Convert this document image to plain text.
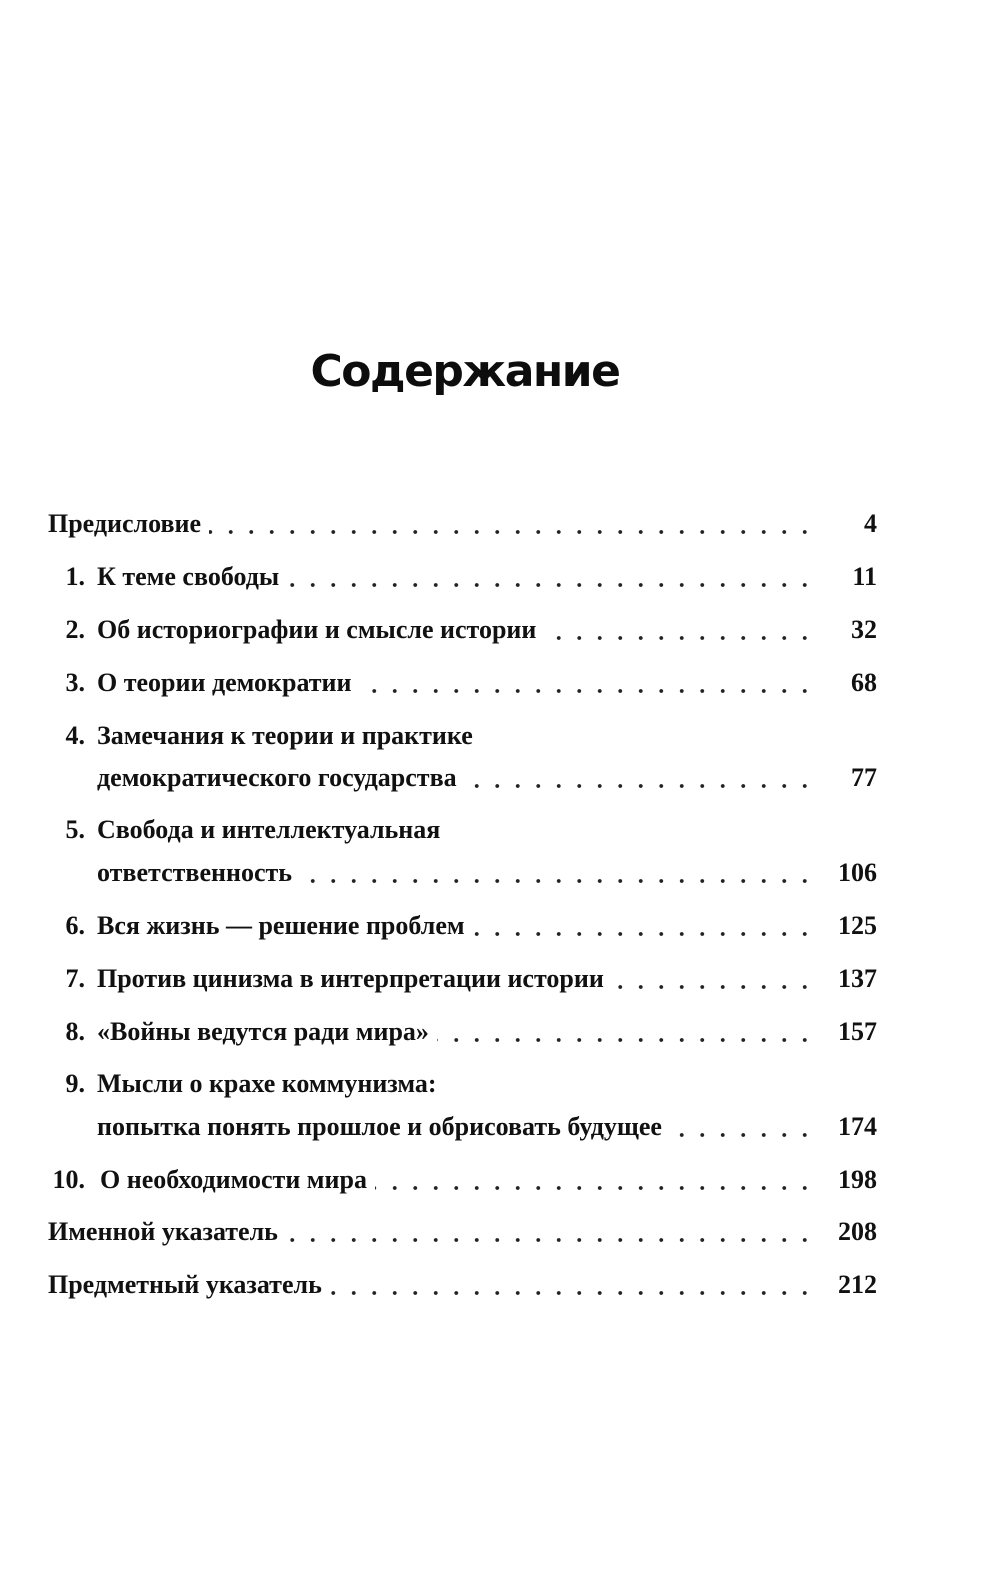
Содержание
Предисловие	4
1. К теме свободы	11
2. Об историографии и смысле истории	32
3. О теории демократии	68
4. Замечания к теории и практике
демократического государства	77
5. Свобода и интеллектуальная
ответственность	106
6. Вся жизнь — решение проблем	125
7. Против цинизма в интерпретации истории	137
8. «Войны ведутся ради мира»	157
9. Мысли о крахе коммунизма:
попытка понять прошлое и обрисовать будущее	174
10. О необходимости мира	198
Именной указатель	208
Предметный указатель	212
